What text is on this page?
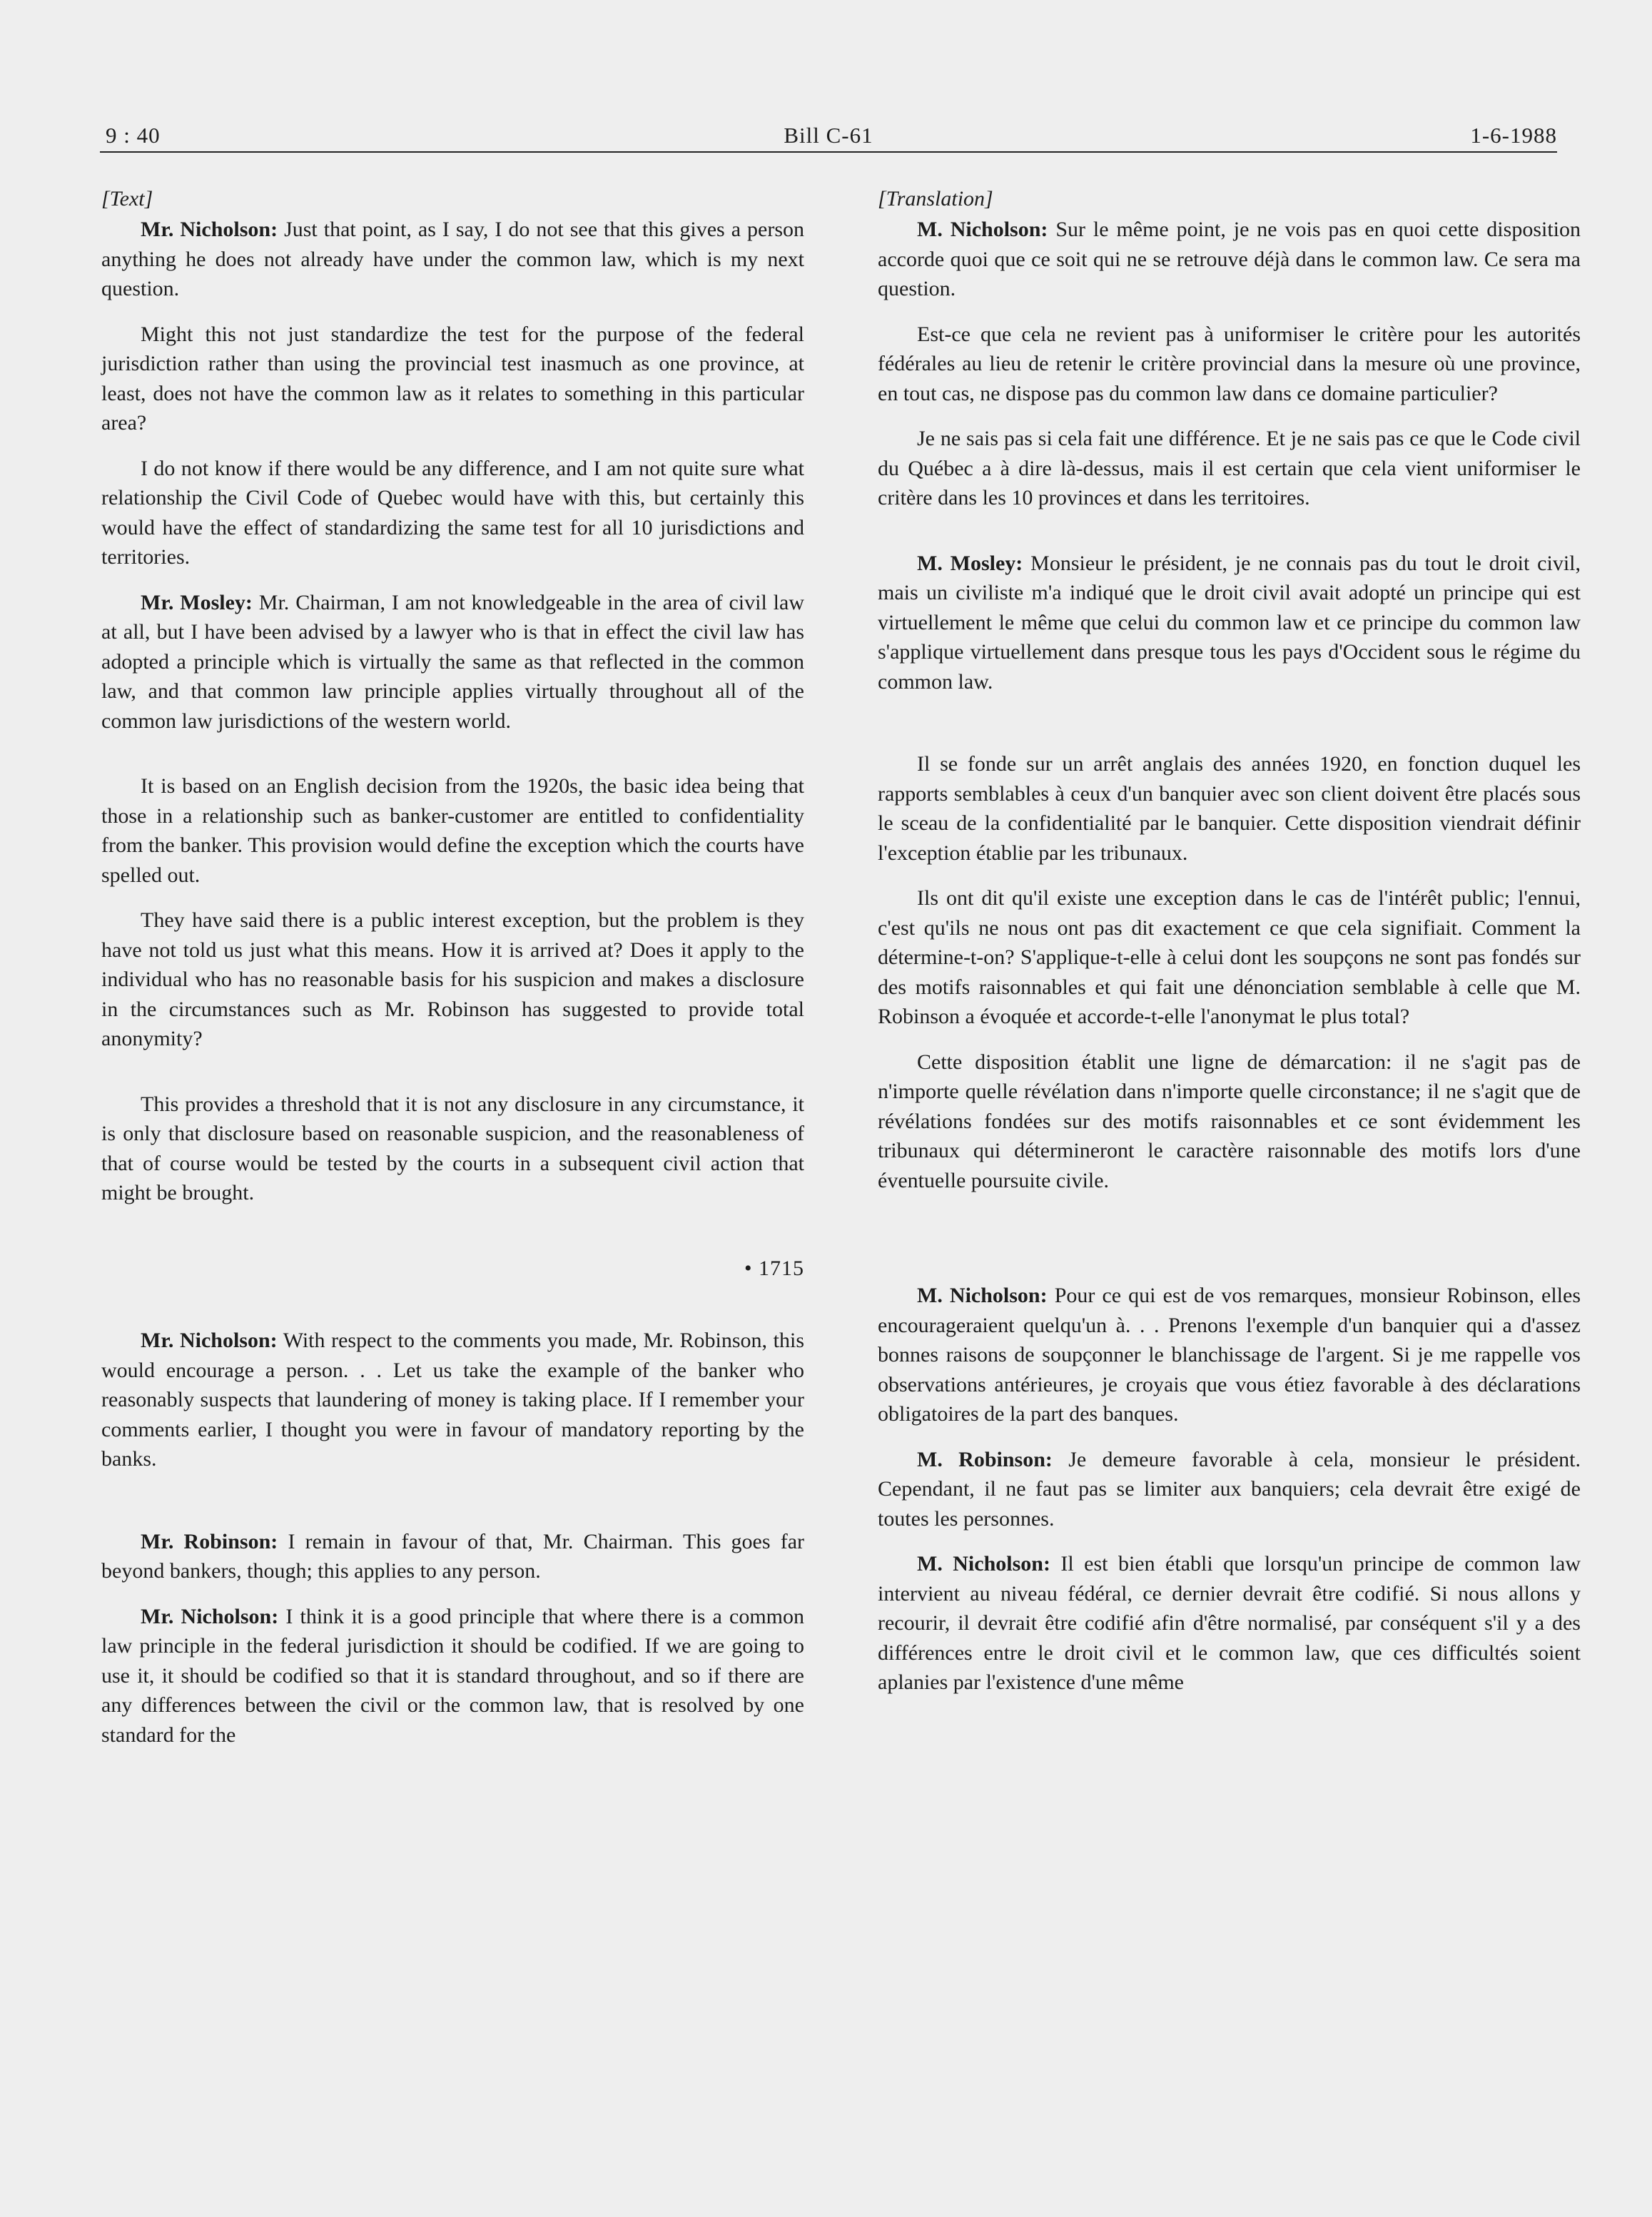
9 : 40	Bill C-61	1-6-1988
[Text]

Mr. Nicholson: Just that point, as I say, I do not see that this gives a person anything he does not already have under the common law, which is my next question.

Might this not just standardize the test for the purpose of the federal jurisdiction rather than using the provincial test inasmuch as one province, at least, does not have the common law as it relates to something in this particular area?

I do not know if there would be any difference, and I am not quite sure what relationship the Civil Code of Quebec would have with this, but certainly this would have the effect of standardizing the same test for all 10 jurisdictions and territories.

Mr. Mosley: Mr. Chairman, I am not knowledgeable in the area of civil law at all, but I have been advised by a lawyer who is that in effect the civil law has adopted a principle which is virtually the same as that reflected in the common law, and that common law principle applies virtually throughout all of the common law jurisdictions of the western world.

It is based on an English decision from the 1920s, the basic idea being that those in a relationship such as banker-customer are entitled to confidentiality from the banker. This provision would define the exception which the courts have spelled out.

They have said there is a public interest exception, but the problem is they have not told us just what this means. How it is arrived at? Does it apply to the individual who has no reasonable basis for his suspicion and makes a disclosure in the circumstances such as Mr. Robinson has suggested to provide total anonymity?

This provides a threshold that it is not any disclosure in any circumstance, it is only that disclosure based on reasonable suspicion, and the reasonableness of that of course would be tested by the courts in a subsequent civil action that might be brought.

• 1715

Mr. Nicholson: With respect to the comments you made, Mr. Robinson, this would encourage a person. . . Let us take the example of the banker who reasonably suspects that laundering of money is taking place. If I remember your comments earlier, I thought you were in favour of mandatory reporting by the banks.

Mr. Robinson: I remain in favour of that, Mr. Chairman. This goes far beyond bankers, though; this applies to any person.

Mr. Nicholson: I think it is a good principle that where there is a common law principle in the federal jurisdiction it should be codified. If we are going to use it, it should be codified so that it is standard throughout, and so if there are any differences between the civil or the common law, that is resolved by one standard for the

[Translation]

M. Nicholson: Sur le même point, je ne vois pas en quoi cette disposition accorde quoi que ce soit qui ne se retrouve déjà dans le common law. Ce sera ma question.

Est-ce que cela ne revient pas à uniformiser le critère pour les autorités fédérales au lieu de retenir le critère provincial dans la mesure où une province, en tout cas, ne dispose pas du common law dans ce domaine particulier?

Je ne sais pas si cela fait une différence. Et je ne sais pas ce que le Code civil du Québec a à dire là-dessus, mais il est certain que cela vient uniformiser le critère dans les 10 provinces et dans les territoires.

M. Mosley: Monsieur le président, je ne connais pas du tout le droit civil, mais un civiliste m'a indiqué que le droit civil avait adopté un principe qui est virtuellement le même que celui du common law et ce principe du common law s'applique virtuellement dans presque tous les pays d'Occident sous le régime du common law.

Il se fonde sur un arrêt anglais des années 1920, en fonction duquel les rapports semblables à ceux d'un banquier avec son client doivent être placés sous le sceau de la confidentialité par le banquier. Cette disposition viendrait définir l'exception établie par les tribunaux.

Ils ont dit qu'il existe une exception dans le cas de l'intérêt public; l'ennui, c'est qu'ils ne nous ont pas dit exactement ce que cela signifiait. Comment la détermine-t-on? S'applique-t-elle à celui dont les soupçons ne sont pas fondés sur des motifs raisonnables et qui fait une dénonciation semblable à celle que M. Robinson a évoquée et accorde-t-elle l'anonymat le plus total?

Cette disposition établit une ligne de démarcation: il ne s'agit pas de n'importe quelle révélation dans n'importe quelle circonstance; il ne s'agit que de révélations fondées sur des motifs raisonnables et ce sont évidemment les tribunaux qui détermineront le caractère raisonnable des motifs lors d'une éventuelle poursuite civile.

M. Nicholson: Pour ce qui est de vos remarques, monsieur Robinson, elles encourageraient quelqu'un à. . . Prenons l'exemple d'un banquier qui a d'assez bonnes raisons de soupçonner le blanchissage de l'argent. Si je me rappelle vos observations antérieures, je croyais que vous étiez favorable à des déclarations obligatoires de la part des banques.

M. Robinson: Je demeure favorable à cela, monsieur le président. Cependant, il ne faut pas se limiter aux banquiers; cela devrait être exigé de toutes les personnes.

M. Nicholson: Il est bien établi que lorsqu'un principe de common law intervient au niveau fédéral, ce dernier devrait être codifié. Si nous allons y recourir, il devrait être codifié afin d'être normalisé, par conséquent s'il y a des différences entre le droit civil et le common law, que ces difficultés soient aplanies par l'existence d'une même
